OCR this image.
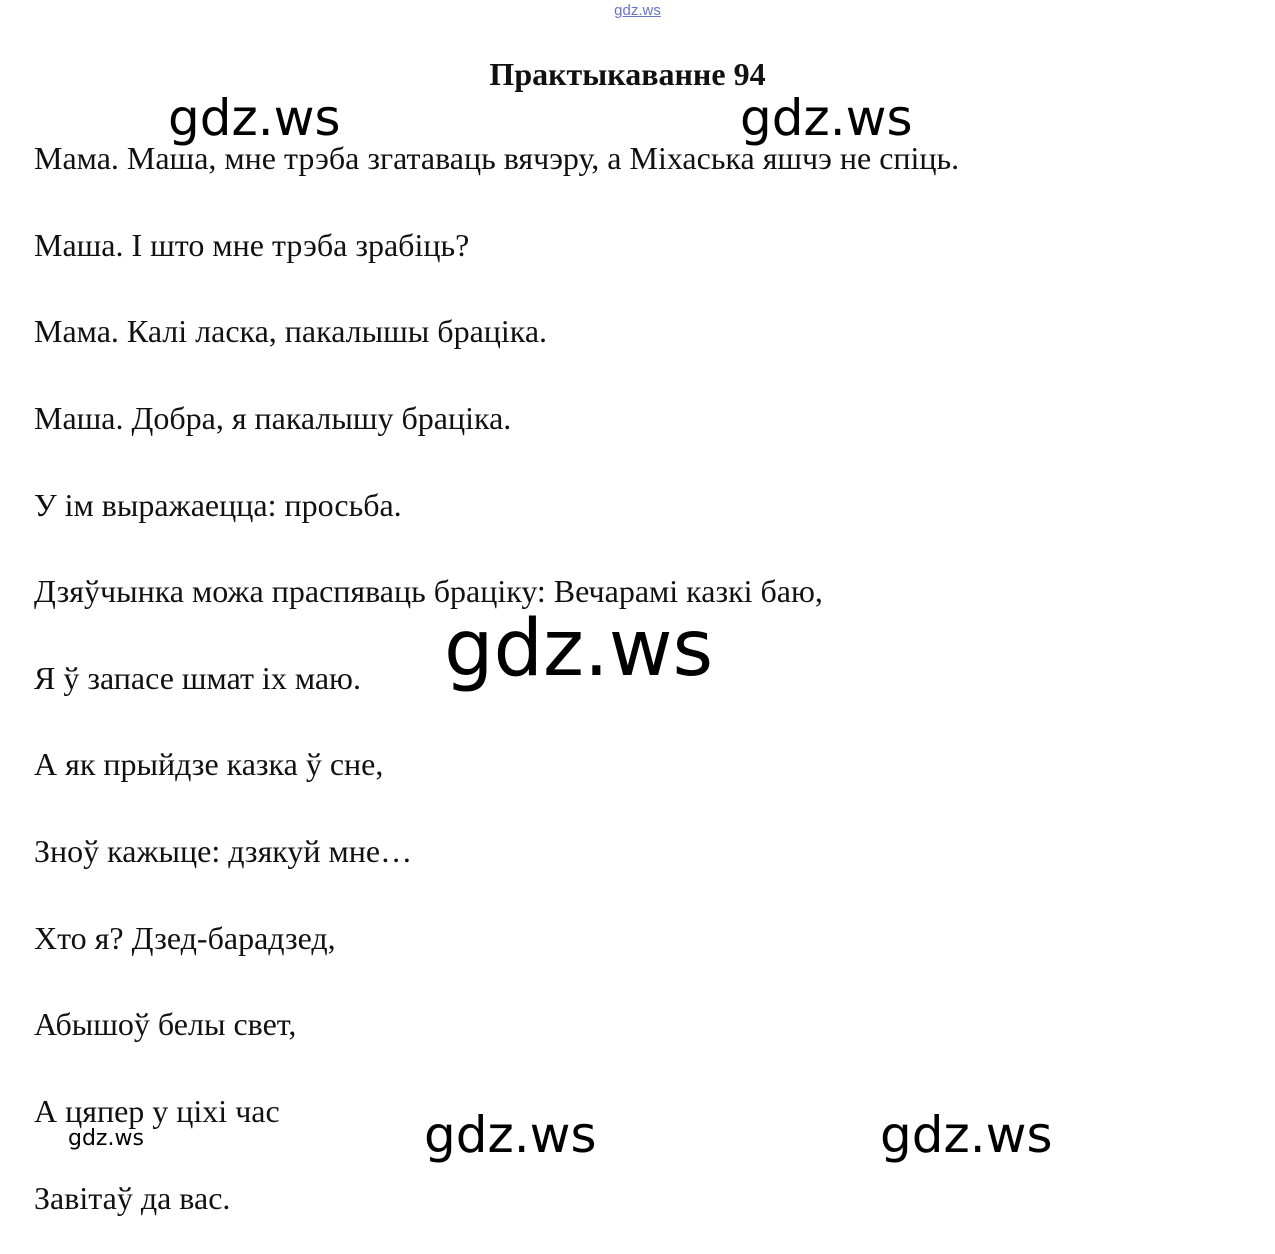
gdz.ws
Практыкаванне 94
Мама. Маша, мне трэба згатаваць вячэру, а Міхаська яшчэ не спіць.
Маша. І што мне трэба зрабіць?
Мама. Калі ласка, пакалышы брацiка.
Маша. Добра, я пакалышу брацiка.
У ім выражаецца: просьба.
Дзяўчынка можа праспяваць брацiку: Вечарамі казкі баю,
Я ў запасе шмат іх маю.
А як прыйдзе казка ў сне,
Зноў кажыце: дзякуй мне…
Хто я? Дзед-барадзед,
Абышоў белы свет,
А цяпер у ціхі час
Завітаў да вас.
gdz.ws	gdz.ws
gdz.ws
gdz.ws	gdz.ws
gdz.ws
